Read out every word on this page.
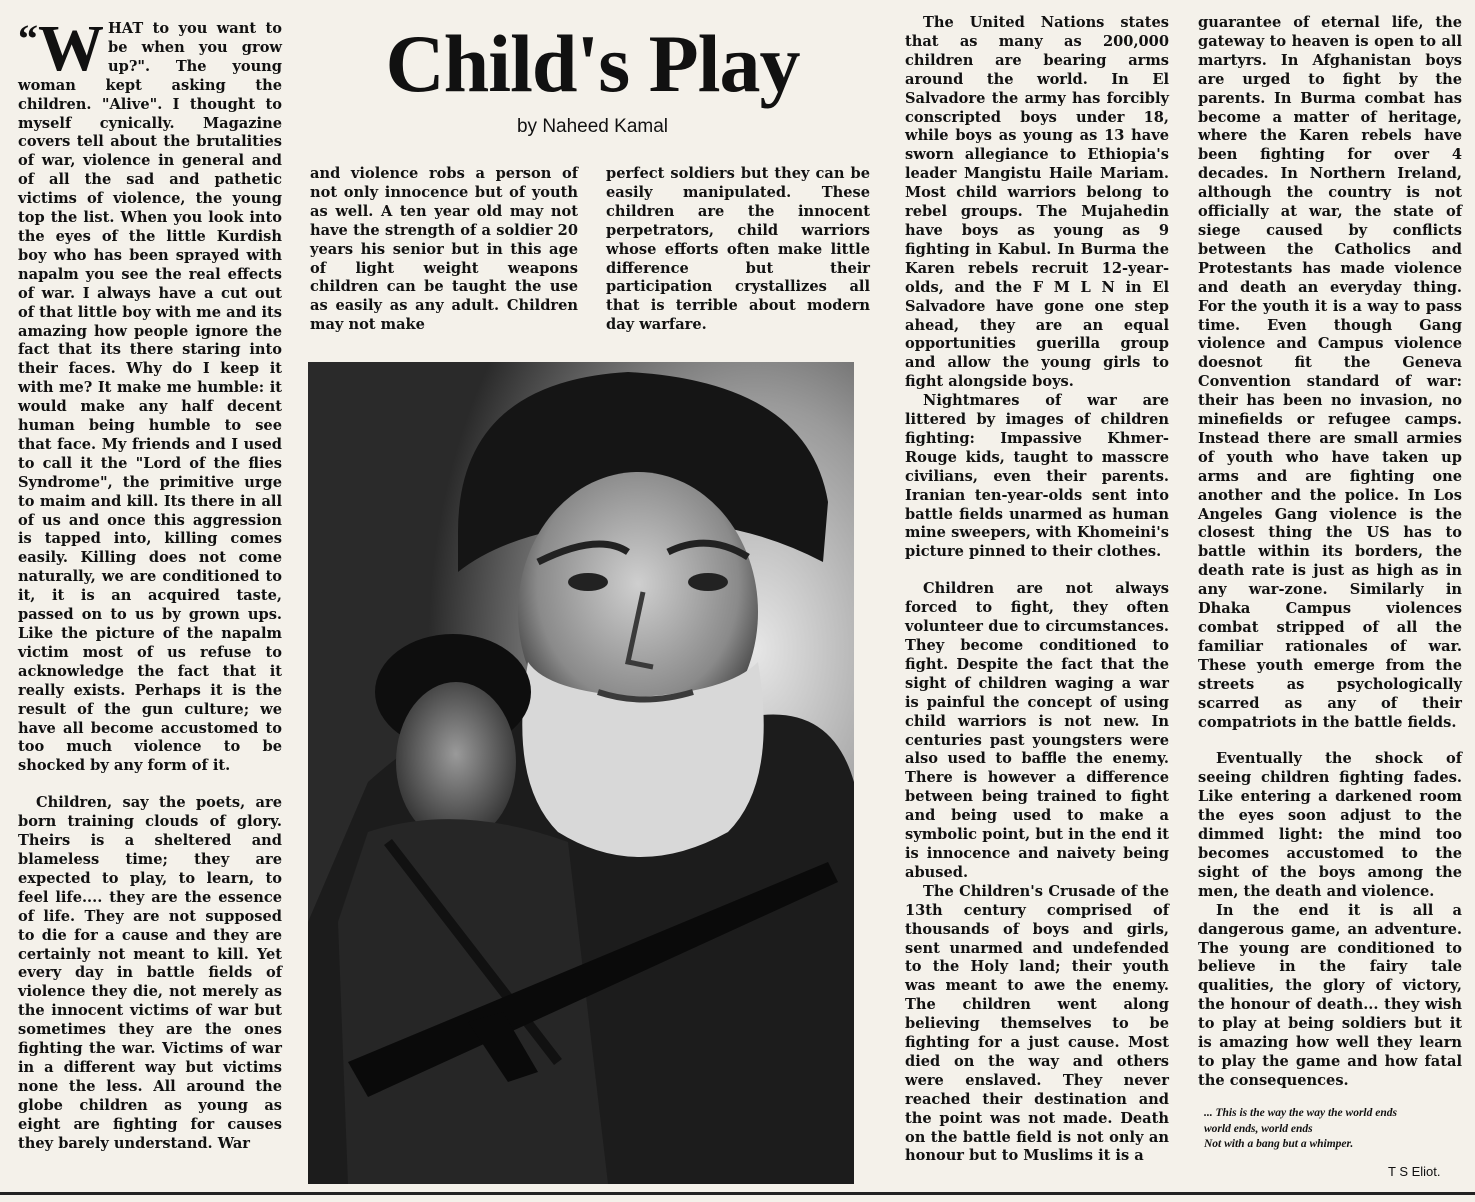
Child's Play
by Naheed Kamal

“W HAT to you want to be when you grow up?". The young woman kept asking the children. "Alive". I thought to myself cynically. Magazine covers tell about the brutalities of war, violence in general and of all the sad and pathetic victims of violence, the young top the list. When you look into the eyes of the little Kurdish boy who has been sprayed with napalm you see the real effects of war. I always have a cut out of that little boy with me and its amazing how people ignore the fact that its there staring into their faces. Why do I keep it with me? It make me humble: it would make any half decent human being humble to see that face. My friends and I used to call it the "Lord of the flies Syndrome", the primitive urge to maim and kill. Its there in all of us and once this aggression is tapped into, killing comes easily. Killing does not come naturally, we are conditioned to it, it is an acquired taste, passed on to us by grown ups. Like the picture of the napalm victim most of us refuse to acknowledge the fact that it really exists. Perhaps it is the result of the gun culture; we have all become accustomed to too much violence to be shocked by any form of it.

Children, say the poets, are born training clouds of glory. Theirs is a sheltered and blameless time; they are expected to play, to learn, to feel life.... they are the essence of life. They are not supposed to die for a cause and they are certainly not meant to kill. Yet every day in battle fields of violence they die, not merely as the innocent victims of war but sometimes they are the ones fighting the war. Victims of war in a different way but victims none the less. All around the globe children as young as eight are fighting for causes they barely understand. War

and violence robs a person of not only innocence but of youth as well. A ten year old may not have the strength of a soldier 20 years his senior but in this age of light weight weapons children can be taught the use as easily as any adult. Children may not make

perfect soldiers but they can be easily manipulated. These children are the innocent perpetrators, child warriors whose efforts often make little difference but their participation crystallizes all that is terrible about modern day warfare.

The United Nations states that as many as 200,000 children are bearing arms around the world. In El Salvadore the army has forcibly conscripted boys under 18, while boys as young as 13 have sworn allegiance to Ethiopia's leader Mangistu Haile Mariam. Most child warriors belong to rebel groups. The Mujahedin have boys as young as 9 fighting in Kabul. In Burma the Karen rebels recruit 12-year-olds, and the F M L N in El Salvadore have gone one step ahead, they are an equal opportunities guerilla group and allow the young girls to fight alongside boys.

Nightmares of war are littered by images of children fighting: Impassive Khmer-Rouge kids, taught to masscre civilians, even their parents. Iranian ten-year-olds sent into battle fields unarmed as human mine sweepers, with Khomeini's picture pinned to their clothes.

Children are not always forced to fight, they often volunteer due to circumstances. They become conditioned to fight. Despite the fact that the sight of children waging a war is painful the concept of using child warriors is not new. In centuries past youngsters were also used to baffle the enemy. There is however a difference between being trained to fight and being used to make a symbolic point, but in the end it is innocence and naivety being abused.

The Children's Crusade of the 13th century comprised of thousands of boys and girls, sent unarmed and undefended to the Holy land; their youth was meant to awe the enemy. The children went along believing themselves to be fighting for a just cause. Most died on the way and others were enslaved. They never reached their destination and the point was not made. Death on the battle field is not only an honour but to Muslims it is a

guarantee of eternal life, the gateway to heaven is open to all martyrs. In Afghanistan boys are urged to fight by the parents. In Burma combat has become a matter of heritage, where the Karen rebels have been fighting for over 4 decades. In Northern Ireland, although the country is not officially at war, the state of siege caused by conflicts between the Catholics and Protestants has made violence and death an everyday thing. For the youth it is a way to pass time. Even though Gang violence and Campus violence doesnot fit the Geneva Convention standard of war: their has been no invasion, no minefields or refugee camps. Instead there are small armies of youth who have taken up arms and are fighting one another and the police. In Los Angeles Gang violence is the closest thing the US has to battle within its borders, the death rate is just as high as in any war-zone. Similarly in Dhaka Campus violences combat stripped of all the familiar rationales of war. These youth emerge from the streets as psychologically scarred as any of their compatriots in the battle fields.

Eventually the shock of seeing children fighting fades. Like entering a darkened room the eyes soon adjust to the dimmed light: the mind too becomes accustomed to the sight of the boys among the men, the death and violence.

In the end it is all a dangerous game, an adventure. The young are conditioned to believe in the fairy tale qualities, the glory of victory, the honour of death... they wish to play at being soldiers but it is amazing how well they learn to play the game and how fatal the consequences.

... This is the way the way the world ends
world ends, world ends
Not with a bang but a whimper.
T S Eliot.
